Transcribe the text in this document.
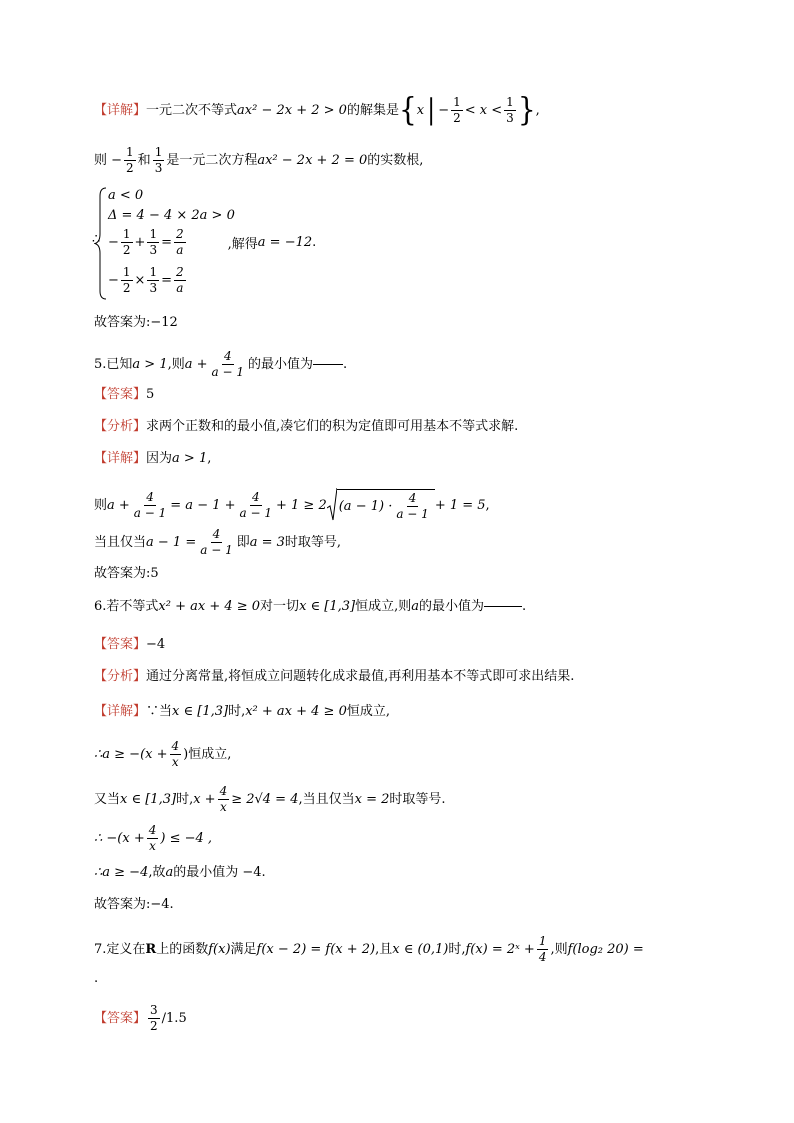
【详解】 一元二次不等式 ax² − 2x + 2 > 0 的解集是 { x | − $\frac{1}{2} < x < \frac{1}{3}$ } ,
则 − $\frac{1}{2}$ 和 $\frac{1}{3}$ 是一元二次方程 ax² − 2x + 2 = 0 的实数根,
∴
a < 0
Δ = 4 − 4 × 2a > 0
− $\frac{1}{2} + \frac{1}{3} = \frac{2}{a}$	,解得 a = −12 .
− $\frac{1}{2} \times \frac{1}{3} = \frac{2}{a}$
故答案为:−12
5.已知 a > 1 ,则 $a + \frac{4}{a - 1}$ 的最小值为 .
【答案】 5
【分析】 求两个正数和的最小值,凑它们的积为定值即可用基本不等式求解.
【详解】 因为 a > 1 ,
则 $a + \frac{4}{a - 1} = a - 1 + \frac{4}{a - 1} + 1 \ge 2$ $(a - 1) \cdot \frac{4}{a - 1} + 1 = 5$ ,
当且仅当 $a - 1 = \frac{4}{a - 1}$ 即 a = 3 时取等号,
故答案为:5
6.若不等式 x² + ax + 4 ≥ 0 对一切 x ∈ [1,3] 恒成立,则 a 的最小值为	.
【答案】 −4
【分析】 通过分离常量,将恒成立问题转化成求最值,再利用基本不等式即可求出结果.
【详解】 ∵当 x ∈ [1,3] 时, x² + ax + 4 ≥ 0 恒成立,
∴a ≥ $-(x + \frac{4}{x}$ )恒成立,
又当 x ∈ [1,3] 时, $x + \frac{4}{x} \ge 2√4 = 4$ ,当且仅当 x = 2 时取等号.
∴ $-(x + \frac{4}{x}$ ) ≤ −4 ,
∴a ≥ −4 ,故 a 的最小值为 −4.
故答案为:−4.
7.定义在 R 上的函数 f(x) 满足 f(x − 2) = f(x + 2) ,且 x ∈ (0,1) 时, f(x) = 2ˣ + $\frac{1}{4}$ ,则 f(log₂ 20) =
.
【答案】 $\frac{3}{2} /1.5$
